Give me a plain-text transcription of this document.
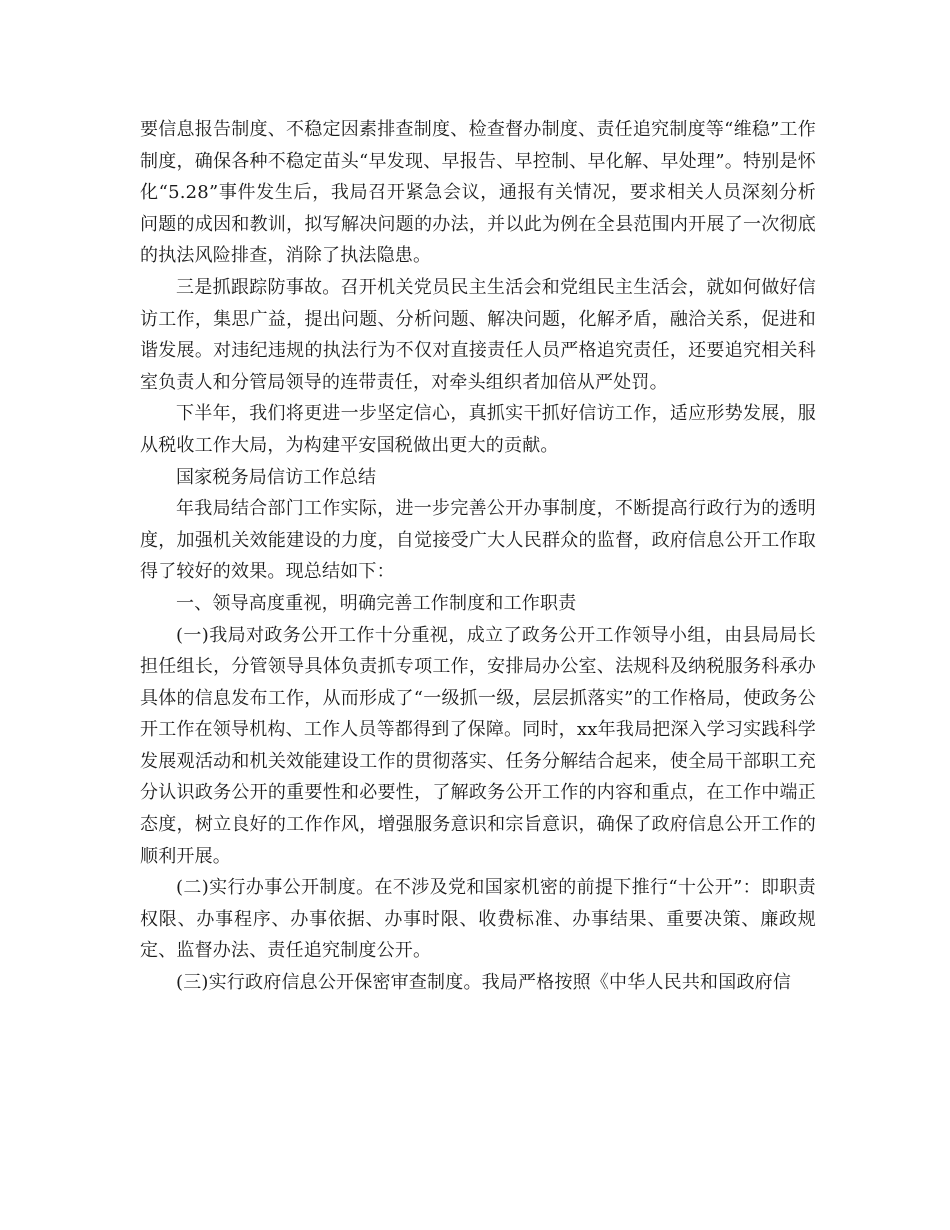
要信息报告制度、不稳定因素排查制度、检查督办制度、责任追究制度等“维稳”工作制度，确保各种不稳定苗头“早发现、早报告、早控制、早化解、早处理”。特别是怀化“5.28”事件发生后，我局召开紧急会议，通报有关情况，要求相关人员深刻分析问题的成因和教训，拟写解决问题的办法，并以此为例在全县范围内开展了一次彻底的执法风险排查，消除了执法隐患。

三是抓跟踪防事故。召开机关党员民主生活会和党组民主生活会，就如何做好信访工作，集思广益，提出问题、分析问题、解决问题，化解矛盾，融洽关系，促进和谐发展。对违纪违规的执法行为不仅对直接责任人员严格追究责任，还要追究相关科室负责人和分管局领导的连带责任，对牵头组织者加倍从严处罚。

下半年，我们将更进一步坚定信心，真抓实干抓好信访工作，适应形势发展，服从税收工作大局，为构建平安国税做出更大的贡献。

国家税务局信访工作总结

年我局结合部门工作实际，进一步完善公开办事制度，不断提高行政行为的透明度，加强机关效能建设的力度，自觉接受广大人民群众的监督，政府信息公开工作取得了较好的效果。现总结如下：

一、领导高度重视，明确完善工作制度和工作职责

(一)我局对政务公开工作十分重视，成立了政务公开工作领导小组，由县局局长担任组长，分管领导具体负责抓专项工作，安排局办公室、法规科及纳税服务科承办具体的信息发布工作，从而形成了“一级抓一级，层层抓落实”的工作格局，使政务公开工作在领导机构、工作人员等都得到了保障。同时，xx年我局把深入学习实践科学发展观活动和机关效能建设工作的贯彻落实、任务分解结合起来，使全局干部职工充分认识政务公开的重要性和必要性，了解政务公开工作的内容和重点，在工作中端正态度，树立良好的工作作风，增强服务意识和宗旨意识，确保了政府信息公开工作的顺利开展。

(二)实行办事公开制度。在不涉及党和国家机密的前提下推行“十公开”：即职责权限、办事程序、办事依据、办事时限、收费标准、办事结果、重要决策、廉政规定、监督办法、责任追究制度公开。

(三)实行政府信息公开保密审查制度。我局严格按照《中华人民共和国政府信
